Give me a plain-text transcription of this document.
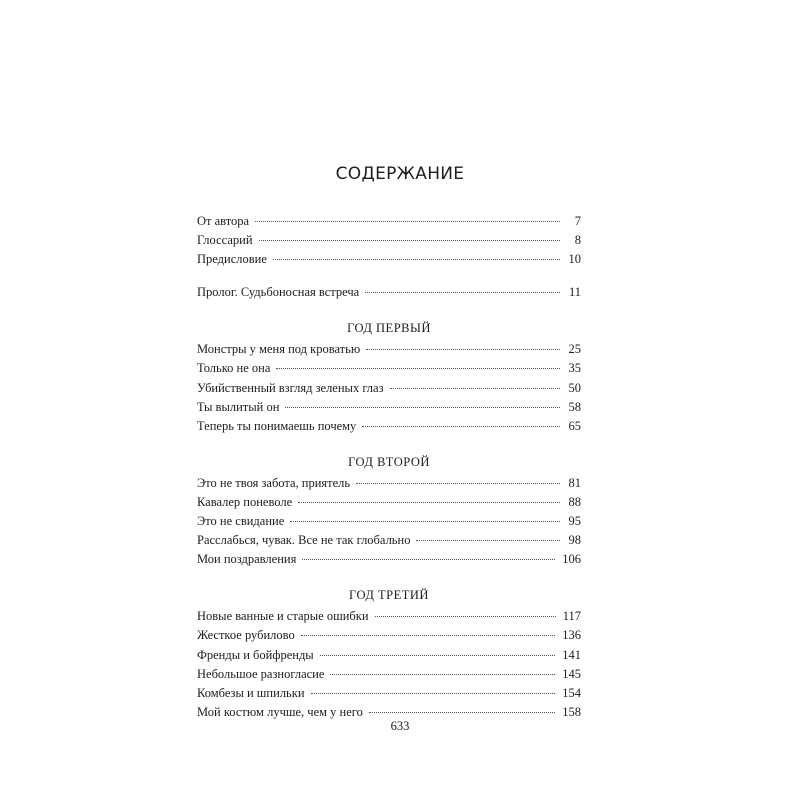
СОДЕРЖАНИЕ
От автора	7
Глоссарий	8
Предисловие	10
Пролог. Судьбоносная встреча	11
ГОД ПЕРВЫЙ
Монстры у меня под кроватью	25
Только не она	35
Убийственный взгляд зеленых глаз	50
Ты вылитый он	58
Теперь ты понимаешь почему	65
ГОД ВТОРОЙ
Это не твоя забота, приятель	81
Кавалер поневоле	88
Это не свидание	95
Расслабься, чувак. Все не так глобально	98
Мои поздравления	106
ГОД ТРЕТИЙ
Новые ванные и старые ошибки	117
Жесткое рубилово	136
Френды и бойфренды	141
Небольшое разногласие	145
Комбезы и шпильки	154
Мой костюм лучше, чем у него	158
633
